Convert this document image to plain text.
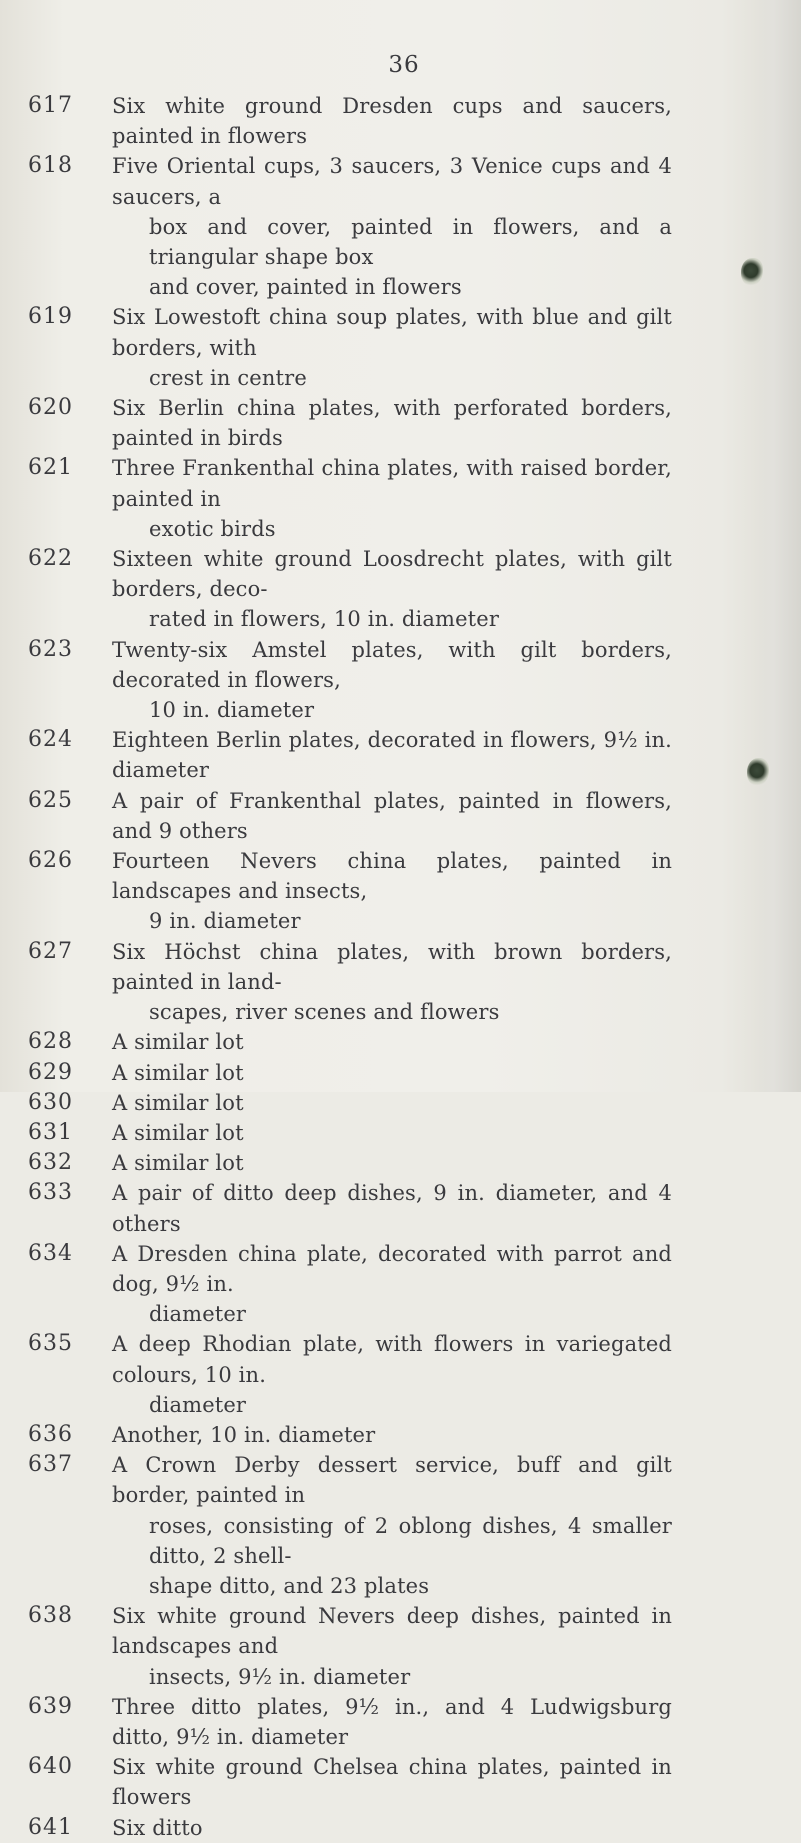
36
617	Six white ground Dresden cups and saucers, painted in flowers
618	Five Oriental cups, 3 saucers, 3 Venice cups and 4 saucers, a
box and cover, painted in flowers, and a triangular shape box
and cover, painted in flowers
619	Six Lowestoft china soup plates, with blue and gilt borders, with
crest in centre
620	Six Berlin china plates, with perforated borders, painted in birds
621	Three Frankenthal china plates, with raised border, painted in
exotic birds
622	Sixteen white ground Loosdrecht plates, with gilt borders, deco-
rated in flowers, 10 in. diameter
623	Twenty-six Amstel plates, with gilt borders, decorated in flowers,
10 in. diameter
624	Eighteen Berlin plates, decorated in flowers, 9½ in. diameter
625	A pair of Frankenthal plates, painted in flowers, and 9 others
626	Fourteen Nevers china plates, painted in landscapes and insects,
9 in. diameter
627	Six Höchst china plates, with brown borders, painted in land-
scapes, river scenes and flowers
628	A similar lot
629	A similar lot
630	A similar lot
631	A similar lot
632	A similar lot
633	A pair of ditto deep dishes, 9 in. diameter, and 4 others
634	A Dresden china plate, decorated with parrot and dog, 9½ in.
diameter
635	A deep Rhodian plate, with flowers in variegated colours, 10 in.
diameter
636	Another, 10 in. diameter
637	A Crown Derby dessert service, buff and gilt border, painted in
roses, consisting of 2 oblong dishes, 4 smaller ditto, 2 shell-
shape ditto, and 23 plates
638	Six white ground Nevers deep dishes, painted in landscapes and
insects, 9½ in. diameter
639	Three ditto plates, 9½ in., and 4 Ludwigsburg ditto, 9½ in. diameter
640	Six white ground Chelsea china plates, painted in flowers
641	Six ditto
